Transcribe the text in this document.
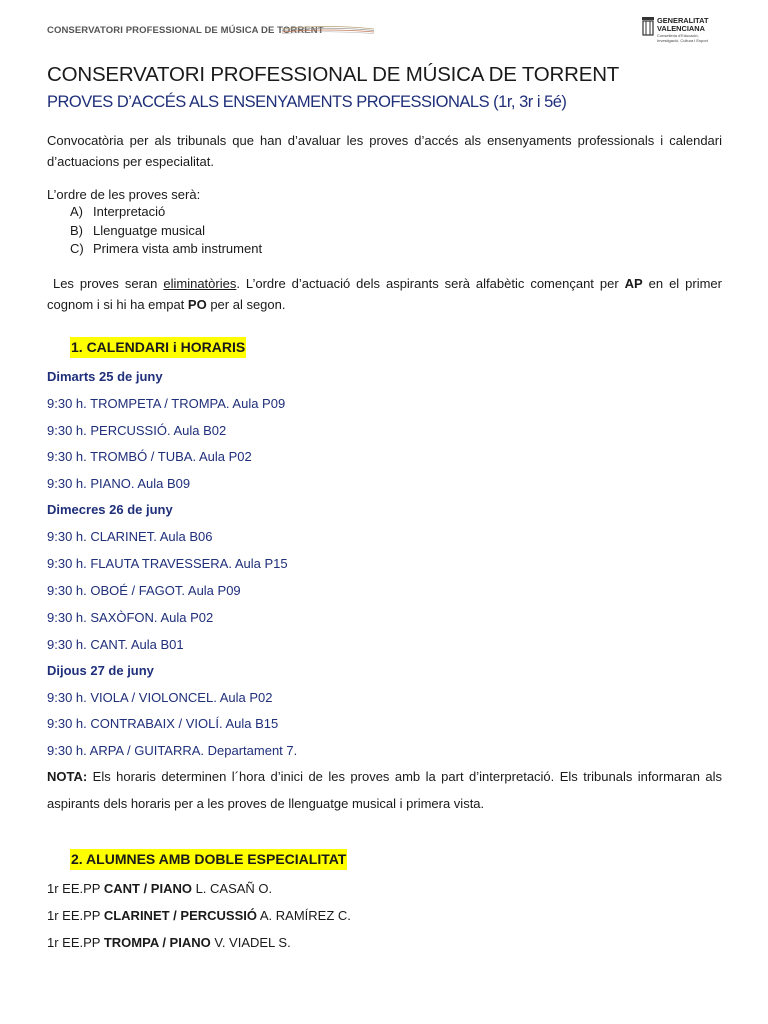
CONSERVATORI PROFESSIONAL DE MÚSICA DE TORRENT
GENERALITAT
VALENCIANA
Conselleria d'Educació, Investigació, Cultura i Esport
CONSERVATORI PROFESSIONAL DE MÚSICA DE TORRENT
PROVES D’ACCÉS ALS ENSENYAMENTS PROFESSIONALS (1r, 3r i 5é)
Convocatòria per als tribunals que han d’avaluar les proves d’accés als ensenyaments professionals i calendari d’actuacions per especialitat.
L’ordre de les proves serà:
A) Interpretació
B) Llenguatge musical
C) Primera vista amb instrument
Les proves seran eliminatòries. L’ordre d’actuació dels aspirants serà alfabètic començant per AP en el primer cognom i si hi ha empat PO per al segon.
1. CALENDARI i HORARIS
Dimarts 25 de juny
9:30 h. TROMPETA / TROMPA. Aula P09
9:30 h. PERCUSSIÓ. Aula B02
9:30 h. TROMBÓ / TUBA. Aula P02
9:30 h. PIANO. Aula B09
Dimecres 26 de juny
9:30 h. CLARINET. Aula B06
9:30 h. FLAUTA TRAVESSERA. Aula P15
9:30 h. OBOÉ / FAGOT. Aula P09
9:30 h. SAXÒFON. Aula P02
9:30 h. CANT. Aula B01
Dijous 27 de juny
9:30 h. VIOLA / VIOLONCEL. Aula P02
9:30 h. CONTRABAIX / VIOLÍ. Aula B15
9:30 h. ARPA / GUITARRA. Departament 7.
NOTA: Els horaris determinen l´hora d’inici de les proves amb la part d’interpretació. Els tribunals informaran als aspirants dels horaris per a les proves de llenguatge musical i primera vista.
2. ALUMNES AMB DOBLE ESPECIALITAT
1r EE.PP CANT / PIANO L. CASAÑ O.
1r EE.PP CLARINET / PERCUSSIÓ A. RAMÍREZ C.
1r EE.PP TROMPA / PIANO V. VIADEL S.
